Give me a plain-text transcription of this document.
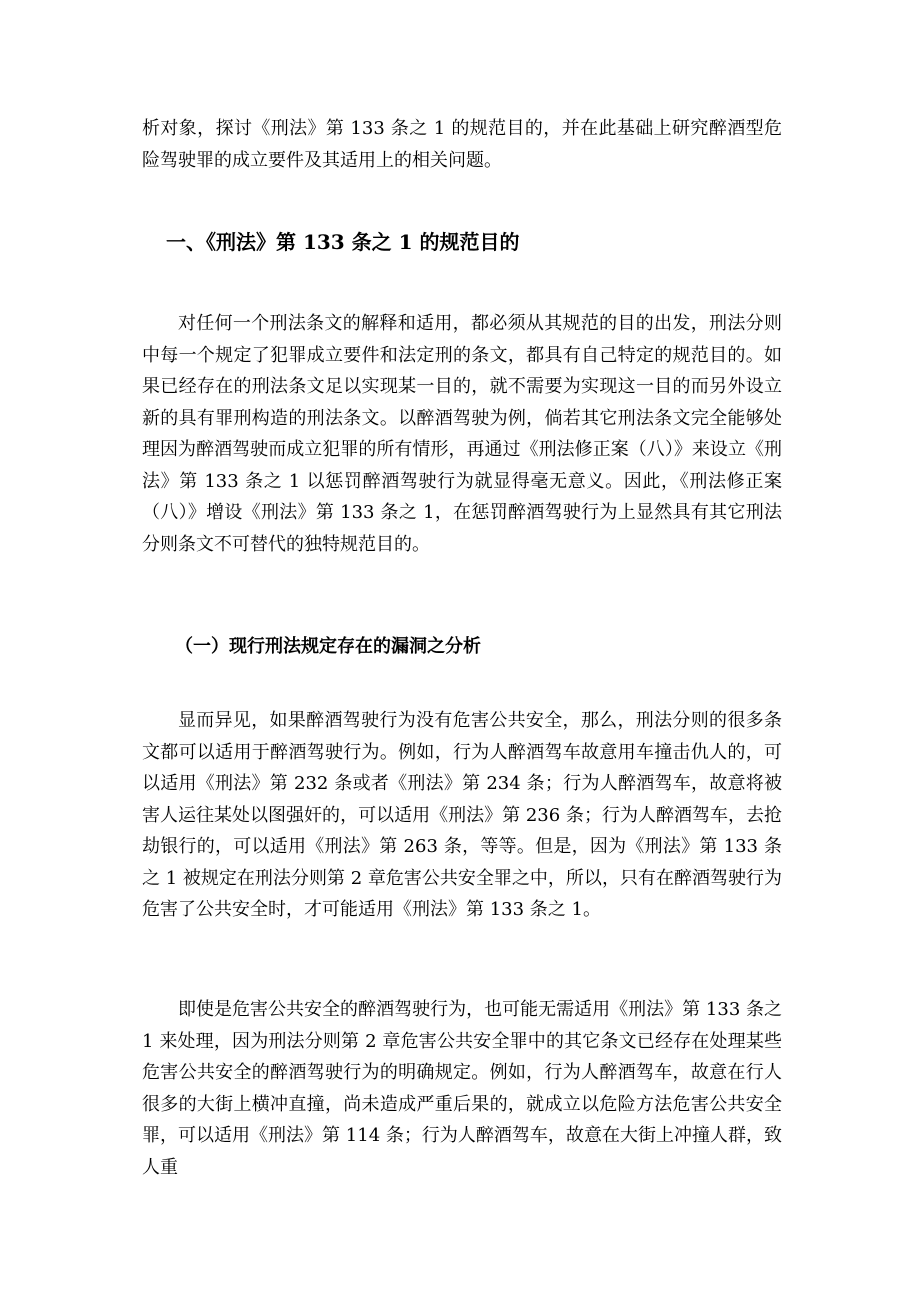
析对象，探讨《刑法》第 133 条之 1 的规范目的，并在此基础上研究醉酒型危险驾驶罪的成立要件及其适用上的相关问题。

一、《刑法》第 133 条之 1 的规范目的

对任何一个刑法条文的解释和适用，都必须从其规范的目的出发，刑法分则中每一个规定了犯罪成立要件和法定刑的条文，都具有自己特定的规范目的。如果已经存在的刑法条文足以实现某一目的，就不需要为实现这一目的而另外设立新的具有罪刑构造的刑法条文。以醉酒驾驶为例，倘若其它刑法条文完全能够处理因为醉酒驾驶而成立犯罪的所有情形，再通过《刑法修正案（八）》来设立《刑法》第 133 条之 1 以惩罚醉酒驾驶行为就显得毫无意义。因此，《刑法修正案（八）》增设《刑法》第 133 条之 1，在惩罚醉酒驾驶行为上显然具有其它刑法分则条文不可替代的独特规范目的。

（一）现行刑法规定存在的漏洞之分析

显而异见，如果醉酒驾驶行为没有危害公共安全，那么，刑法分则的很多条文都可以适用于醉酒驾驶行为。例如，行为人醉酒驾车故意用车撞击仇人的，可以适用《刑法》第 232 条或者《刑法》第 234 条；行为人醉酒驾车，故意将被害人运往某处以图强奸的，可以适用《刑法》第 236 条；行为人醉酒驾车，去抢劫银行的，可以适用《刑法》第 263 条，等等。但是，因为《刑法》第 133 条之 1 被规定在刑法分则第 2 章危害公共安全罪之中，所以，只有在醉酒驾驶行为危害了公共安全时，才可能适用《刑法》第 133 条之 1。

即使是危害公共安全的醉酒驾驶行为，也可能无需适用《刑法》第 133 条之 1 来处理，因为刑法分则第 2 章危害公共安全罪中的其它条文已经存在处理某些危害公共安全的醉酒驾驶行为的明确规定。例如，行为人醉酒驾车，故意在行人很多的大街上横冲直撞，尚未造成严重后果的，就成立以危险方法危害公共安全罪，可以适用《刑法》第 114 条；行为人醉酒驾车，故意在大街上冲撞人群，致人重
